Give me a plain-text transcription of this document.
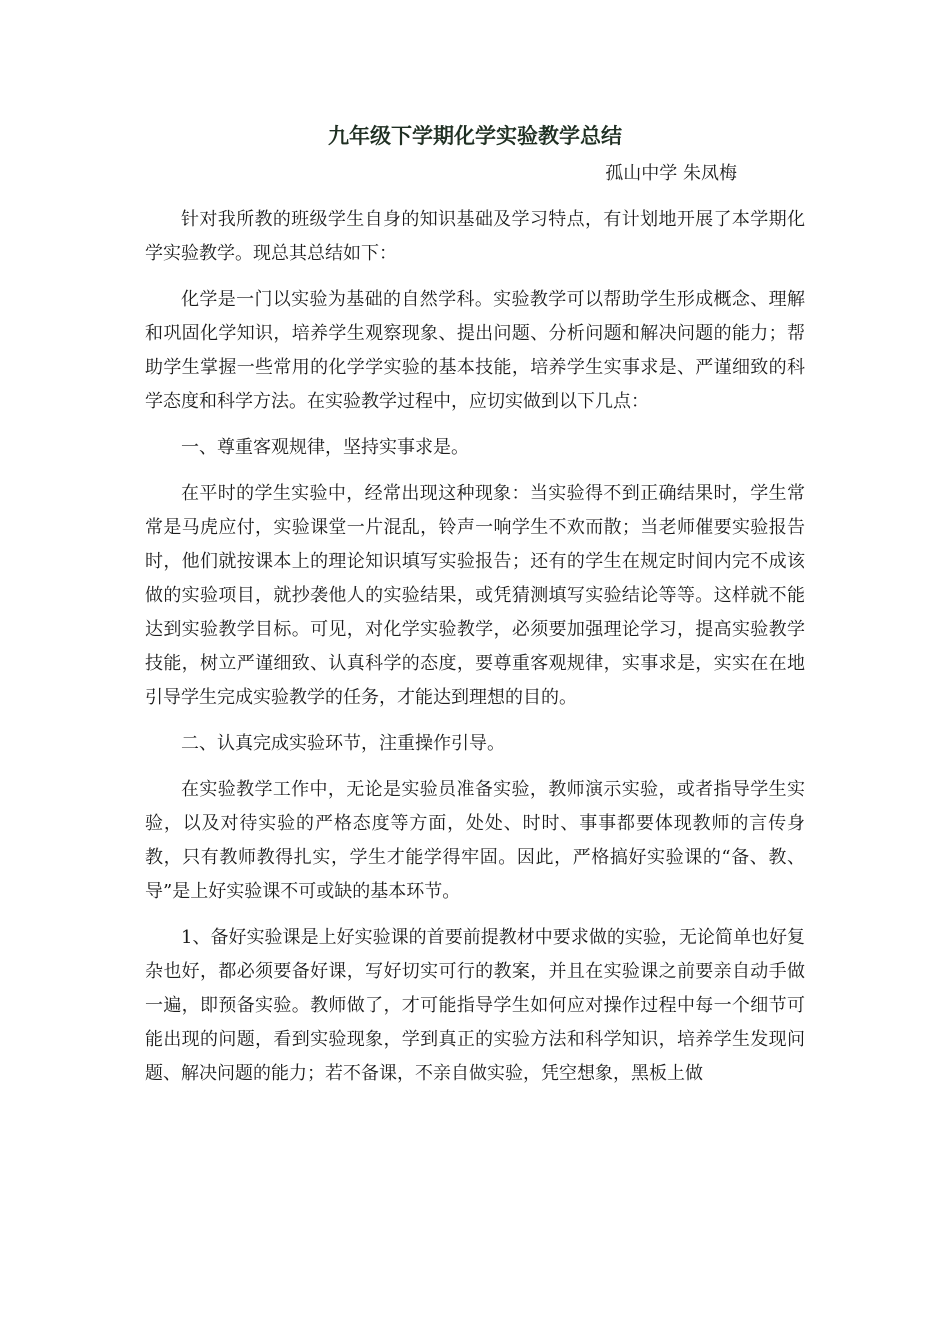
九年级下学期化学实验教学总结
孤山中学 朱凤梅

针对我所教的班级学生自身的知识基础及学习特点，有计划地开展了本学期化学实验教学。现总其总结如下：

化学是一门以实验为基础的自然学科。实验教学可以帮助学生形成概念、理解和巩固化学知识，培养学生观察现象、提出问题、分析问题和解决问题的能力；帮助学生掌握一些常用的化学学实验的基本技能，培养学生实事求是、严谨细致的科学态度和科学方法。在实验教学过程中，应切实做到以下几点：

一、尊重客观规律，坚持实事求是。

在平时的学生实验中，经常出现这种现象：当实验得不到正确结果时，学生常常是马虎应付，实验课堂一片混乱，铃声一响学生不欢而散；当老师催要实验报告时，他们就按课本上的理论知识填写实验报告；还有的学生在规定时间内完不成该做的实验项目，就抄袭他人的实验结果，或凭猜测填写实验结论等等。这样就不能达到实验教学目标。可见，对化学实验教学，必须要加强理论学习，提高实验教学技能，树立严谨细致、认真科学的态度，要尊重客观规律，实事求是，实实在在地引导学生完成实验教学的任务，才能达到理想的目的。

二、认真完成实验环节，注重操作引导。

在实验教学工作中，无论是实验员准备实验，教师演示实验，或者指导学生实验，以及对待实验的严格态度等方面，处处、时时、事事都要体现教师的言传身教，只有教师教得扎实，学生才能学得牢固。因此，严格搞好实验课的“备、教、导”是上好实验课不可或缺的基本环节。

1、备好实验课是上好实验课的首要前提教材中要求做的实验，无论简单也好复杂也好，都必须要备好课，写好切实可行的教案，并且在实验课之前要亲自动手做一遍，即预备实验。教师做了，才可能指导学生如何应对操作过程中每一个细节可能出现的问题，看到实验现象，学到真正的实验方法和科学知识，培养学生发现问题、解决问题的能力；若不备课，不亲自做实验，凭空想象，黑板上做
